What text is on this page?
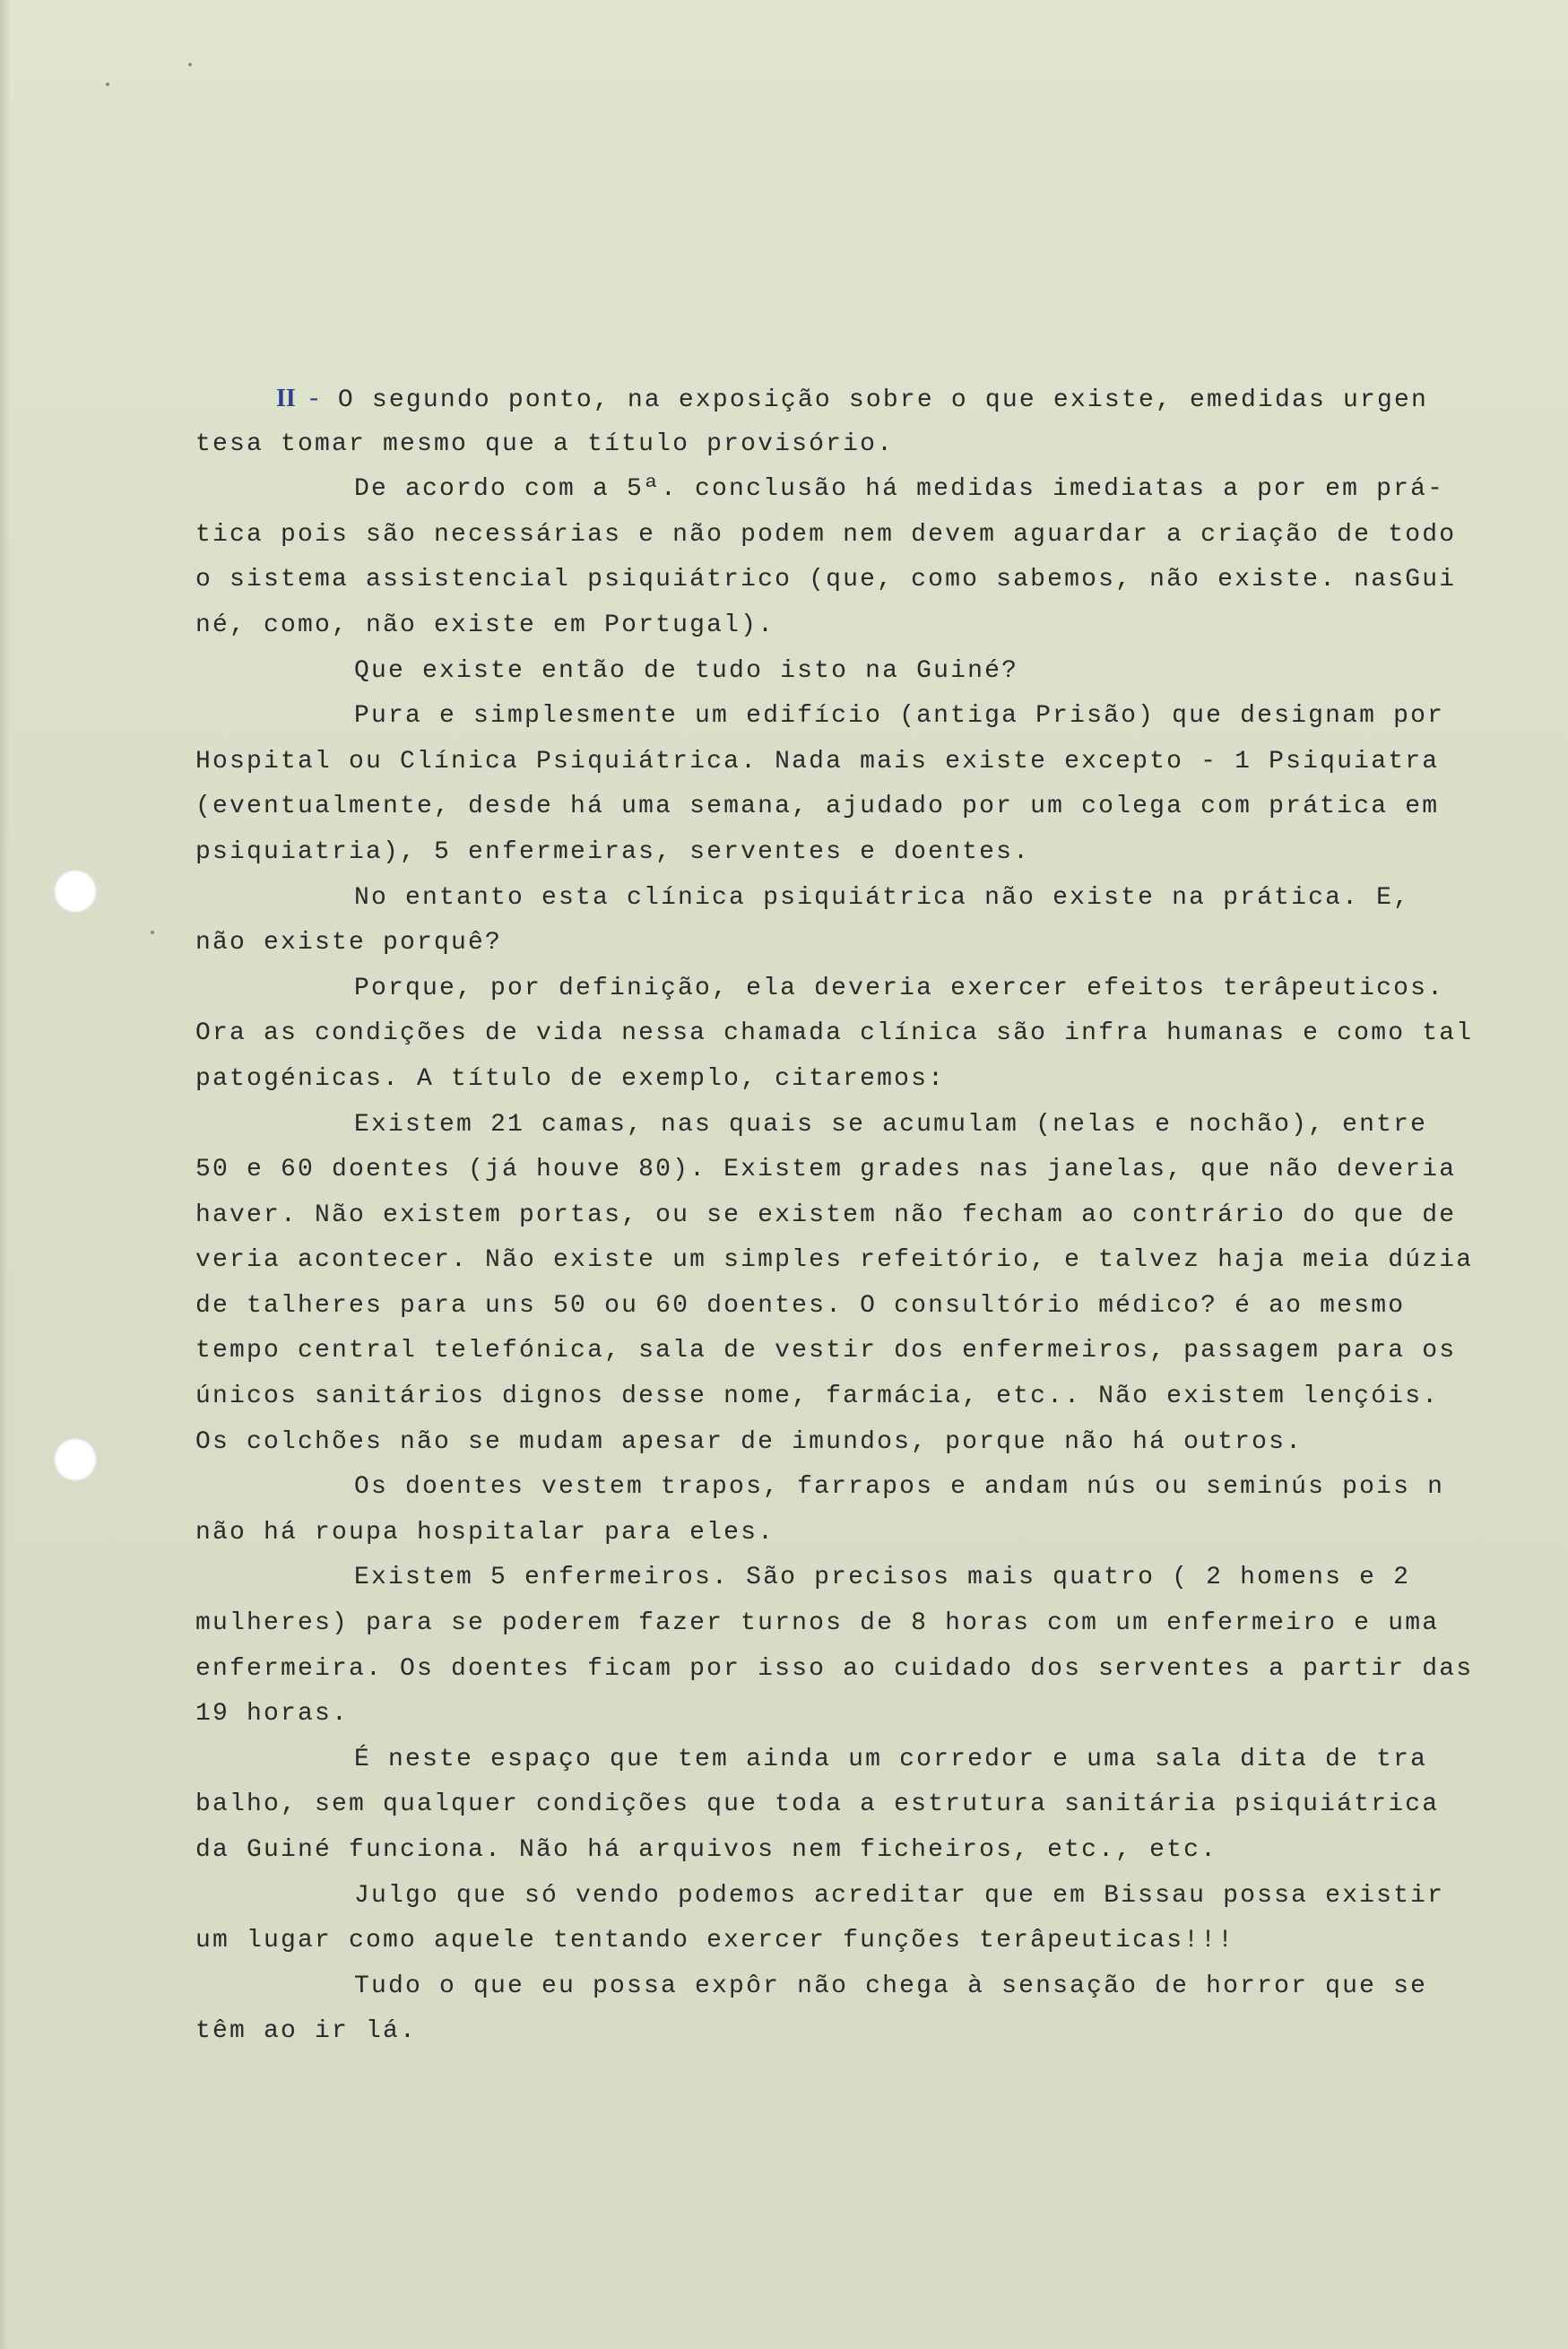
II - O segundo ponto, na exposição sobre o que existe, emedidas urgen
tesa tomar mesmo que a título provisório.
De acordo com a 5ª. conclusão há medidas imediatas a por em prá-
tica pois são necessárias e não podem nem devem aguardar a criação de todo
o sistema assistencial psiquiátrico (que, como sabemos, não existe. nasGui
né, como, não existe em Portugal).
Que existe então de tudo isto na Guiné?
Pura e simplesmente um edifício (antiga Prisão) que designam por
Hospital ou Clínica Psiquiátrica. Nada mais existe excepto - 1 Psiquiatra
(eventualmente, desde há uma semana, ajudado por um colega com prática em
psiquiatria), 5 enfermeiras, serventes e doentes.
No entanto esta clínica psiquiátrica não existe na prática. E,
não existe porquê?
Porque, por definição, ela deveria exercer efeitos terâpeuticos.
Ora as condições de vida nessa chamada clínica são infra humanas e como tal
patogénicas. A título de exemplo, citaremos:
Existem 21 camas, nas quais se acumulam (nelas e nochão), entre
50 e 60 doentes (já houve 80). Existem grades nas janelas, que não deveria
haver. Não existem portas, ou se existem não fecham ao contrário do que de
veria acontecer. Não existe um simples refeitório, e talvez haja meia dúzia
de talheres para uns 50 ou 60 doentes. O consultório médico? é ao mesmo
tempo central telefónica, sala de vestir dos enfermeiros, passagem para os
únicos sanitários dignos desse nome, farmácia, etc.. Não existem lençóis.
Os colchões não se mudam apesar de imundos, porque não há outros.
Os doentes vestem trapos, farrapos e andam nús ou seminús pois n
não há roupa hospitalar para eles.
Existem 5 enfermeiros. São precisos mais quatro ( 2 homens e 2
mulheres) para se poderem fazer turnos de 8 horas com um enfermeiro e uma
enfermeira. Os doentes ficam por isso ao cuidado dos serventes a partir das
19 horas.
É neste espaço que tem ainda um corredor e uma sala dita de tra
balho, sem qualquer condições que toda a estrutura sanitária psiquiátrica
da Guiné funciona. Não há arquivos nem ficheiros, etc., etc.
Julgo que só vendo podemos acreditar que em Bissau possa existir
um lugar como aquele tentando exercer funções terâpeuticas!!!
Tudo o que eu possa expôr não chega à sensação de horror que se
têm ao ir lá.
